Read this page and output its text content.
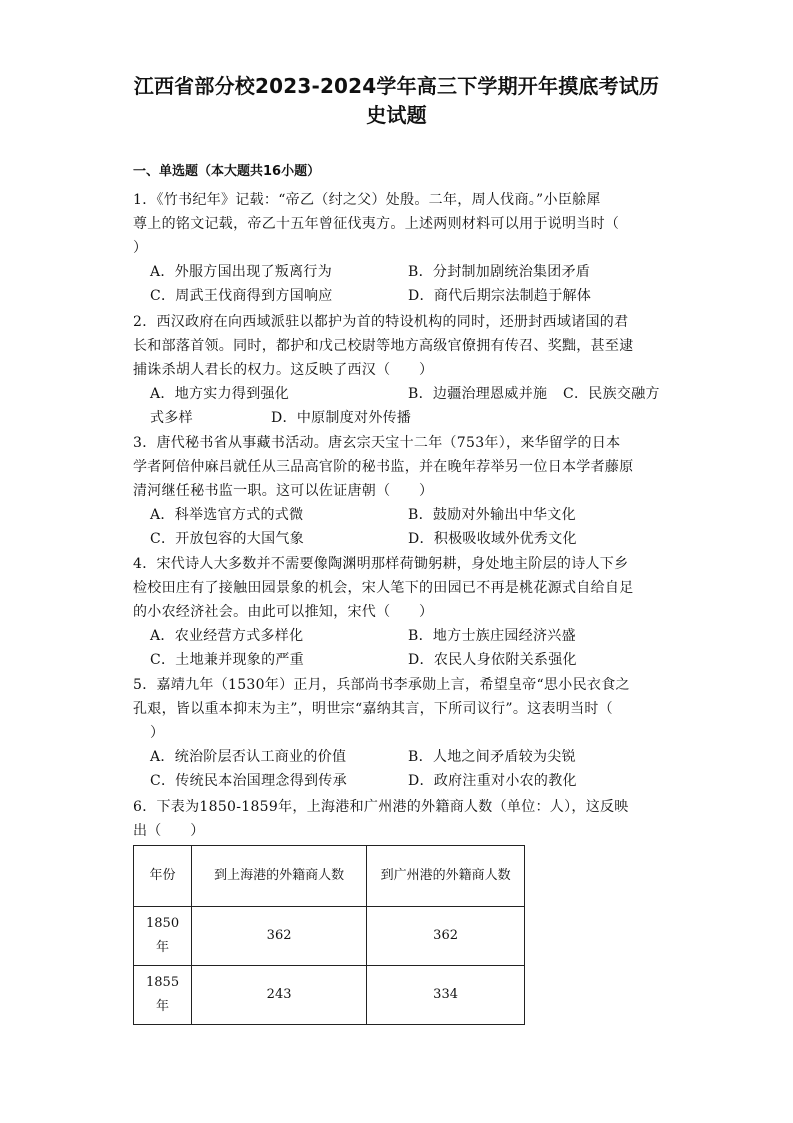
江西省部分校2023-2024学年高三下学期开年摸底考试历
史试题
一、单选题（本大题共16小题）
1．《竹书纪年》记载：“帝乙（纣之父）处殷。二年，周人伐商。”小臣艅犀
尊上的铭文记载，帝乙十五年曾征伐夷方。上述两则材料可以用于说明当时（
）
A．外服方国出现了叛离行为	B．分封制加剧统治集团矛盾
C．周武王伐商得到方国响应	D．商代后期宗法制趋于解体
2．西汉政府在向西域派驻以都护为首的特设机构的同时，还册封西域诸国的君
长和部落首领。同时，都护和戊己校尉等地方高级官僚拥有传召、奖黜，甚至逮
捕诛杀胡人君长的权力。这反映了西汉（　　）
A．地方实力得到强化	B．边疆治理恩威并施 C．民族交融方
式多样	D．中原制度对外传播
3．唐代秘书省从事藏书活动。唐玄宗天宝十二年（753年），来华留学的日本
学者阿倍仲麻吕就任从三品高官阶的秘书监，并在晚年荐举另一位日本学者藤原
清河继任秘书监一职。这可以佐证唐朝（　　）
A．科举选官方式的式微	B．鼓励对外输出中华文化
C．开放包容的大国气象	D．积极吸收域外优秀文化
4．宋代诗人大多数并不需要像陶渊明那样荷锄躬耕，身处地主阶层的诗人下乡
检校田庄有了接触田园景象的机会，宋人笔下的田园已不再是桃花源式自给自足
的小农经济社会。由此可以推知，宋代（　　）
A．农业经营方式多样化	B．地方士族庄园经济兴盛
C．土地兼并现象的严重	D．农民人身依附关系强化
5．嘉靖九年（1530年）正月，兵部尚书李承勋上言，希望皇帝“思小民衣食之
孔艰，皆以重本抑末为主”，明世宗“嘉纳其言，下所司议行”。这表明当时（
）
A．统治阶层否认工商业的价值	B．人地之间矛盾较为尖锐
C．传统民本治国理念得到传承	D．政府注重对小农的教化
6．下表为1850-1859年，上海港和广州港的外籍商人数（单位：人），这反映
出（　　）
年份	到上海港的外籍商人数	到广州港的外籍商人数
1850年	362	362
1855年	243	334
